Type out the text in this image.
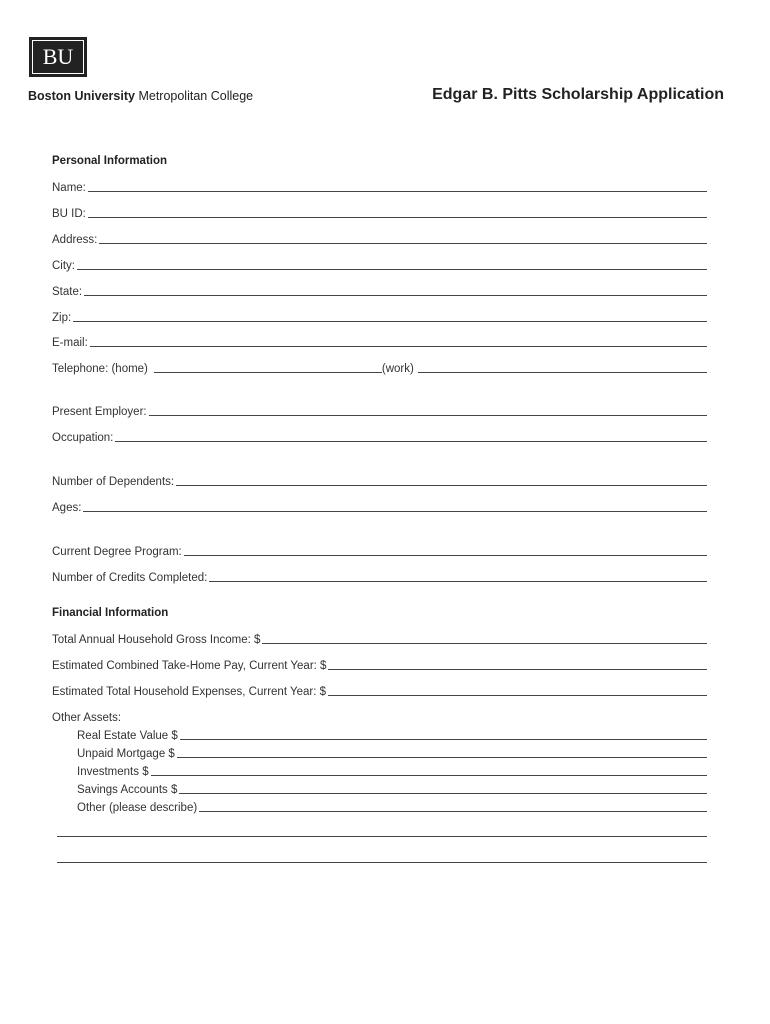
BU
Boston University Metropolitan College	Edgar B. Pitts Scholarship Application
Personal Information
Name:
BU ID:
Address:
City:
State:
Zip:
E-mail:
Telephone: (home)	(work)
Present Employer:
Occupation:
Number of Dependents:
Ages:
Current Degree Program:
Number of Credits Completed:
Financial Information
Total Annual Household Gross Income: $
Estimated Combined Take-Home Pay, Current Year: $
Estimated Total Household Expenses, Current Year: $
Other Assets:
Real Estate Value $
Unpaid Mortgage $
Investments $
Savings Accounts $
Other (please describe)
